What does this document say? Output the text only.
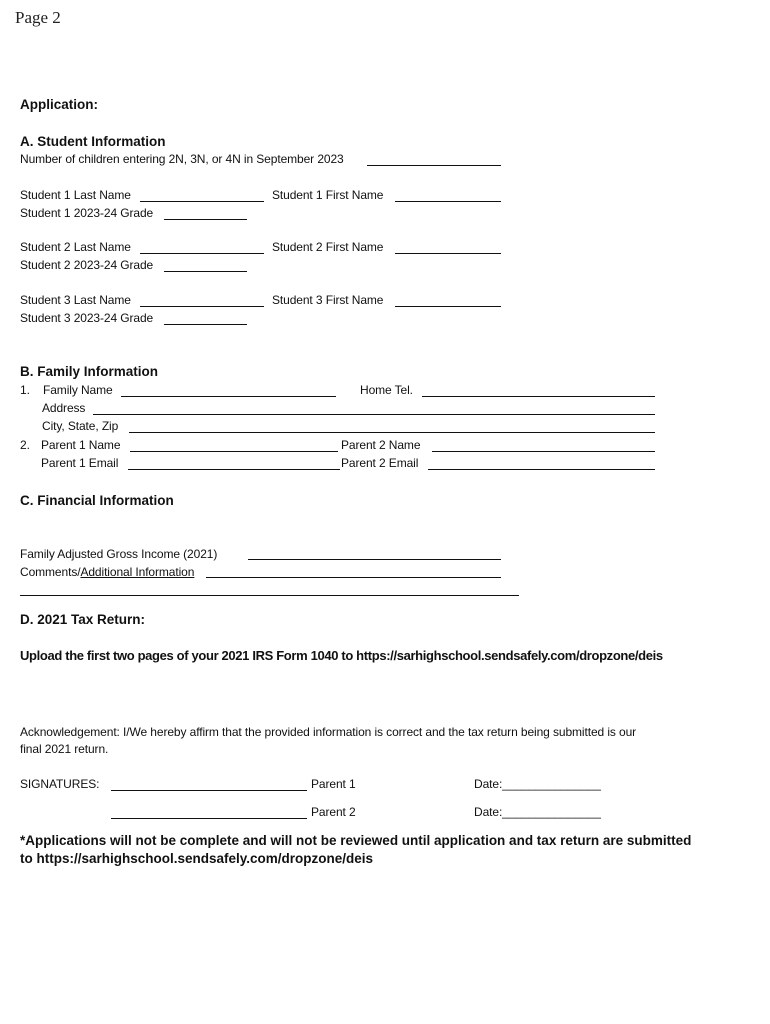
Page 2
Application:
A. Student Information
Number of children entering 2N, 3N, or 4N in September 2023
Student 1 Last Name	Student 1 First Name
Student 1 2023-24 Grade
Student 2 Last Name	Student 2 First Name
Student 2 2023-24 Grade
Student 3 Last Name	Student 3 First Name
Student 3 2023-24 Grade
B. Family Information
1. Family Name	Home Tel.
Address
City, State, Zip
2. Parent 1 Name	Parent 2 Name
Parent 1 Email	Parent 2 Email
C. Financial Information
Family Adjusted Gross Income (2021)
Comments/Additional Information
D. 2021 Tax Return:
Upload the first two pages of your 2021 IRS Form 1040 to https://sarhighschool.sendsafely.com/dropzone/deis
Acknowledgement: I/We hereby affirm that the provided information is correct and the tax return being submitted is our
final 2021 return.
SIGNATURES:	Parent 1	Date:_______________
Parent 2	Date:_______________
*Applications will not be complete and will not be reviewed until application and tax return are submitted
to https://sarhighschool.sendsafely.com/dropzone/deis
